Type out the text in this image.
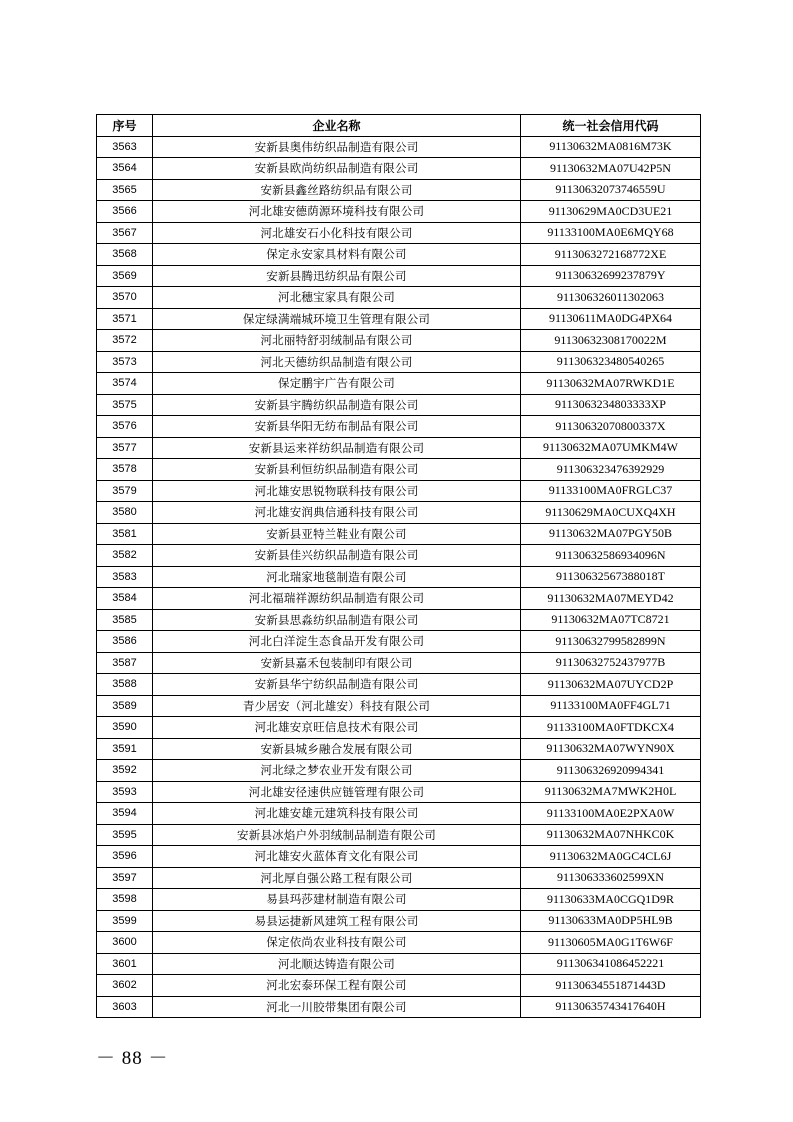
序号	企业名称	统一社会信用代码
3563	安新县奥伟纺织品制造有限公司	91130632MA0816M73K
3564	安新县欧尚纺织品制造有限公司	91130632MA07U42P5N
3565	安新县鑫丝路纺织品有限公司	91130632073746559U
3566	河北雄安德荫源环境科技有限公司	91130629MA0CD3UE21
3567	河北雄安石小化科技有限公司	91133100MA0E6MQY68
3568	保定永安家具材料有限公司	9113063272168772XE
3569	安新县腾迅纺织品有限公司	91130632699237879Y
3570	河北穗宝家具有限公司	911306326011302063
3571	保定绿满端城环境卫生管理有限公司	91130611MA0DG4PX64
3572	河北丽特舒羽绒制品有限公司	91130632308170022M
3573	河北天德纺织品制造有限公司	911306323480540265
3574	保定鹏宇广告有限公司	91130632MA07RWKD1E
3575	安新县宇腾纺织品制造有限公司	9113063234803333XP
3576	安新县华阳无纺布制品有限公司	91130632070800337X
3577	安新县运来祥纺织品制造有限公司	91130632MA07UMKM4W
3578	安新县利恒纺织品制造有限公司	911306323476392929
3579	河北雄安思锐物联科技有限公司	91133100MA0FRGLC37
3580	河北雄安润典信通科技有限公司	91130629MA0CUXQ4XH
3581	安新县亚特兰鞋业有限公司	91130632MA07PGY50B
3582	安新县佳兴纺织品制造有限公司	91130632586934096N
3583	河北瑞家地毯制造有限公司	91130632567388018T
3584	河北福瑞祥源纺织品制造有限公司	91130632MA07MEYD42
3585	安新县思淼纺织品制造有限公司	91130632MA07TC8721
3586	河北白洋淀生态食品开发有限公司	91130632799582899N
3587	安新县嘉禾包装制印有限公司	91130632752437977B
3588	安新县华宁纺织品制造有限公司	91130632MA07UYCD2P
3589	青少居安（河北雄安）科技有限公司	91133100MA0FF4GL71
3590	河北雄安京旺信息技术有限公司	91133100MA0FTDKCX4
3591	安新县城乡融合发展有限公司	91130632MA07WYN90X
3592	河北绿之梦农业开发有限公司	911306326920994341
3593	河北雄安径速供应链管理有限公司	91130632MA7MWK2H0L
3594	河北雄安雄元建筑科技有限公司	91133100MA0E2PXA0W
3595	安新县冰焰户外羽绒制品制造有限公司	91130632MA07NHKC0K
3596	河北雄安火蓝体育文化有限公司	91130632MA0GC4CL6J
3597	河北厚自强公路工程有限公司	911306333602599XN
3598	易县玛莎建材制造有限公司	91130633MA0CGQ1D9R
3599	易县运捷新风建筑工程有限公司	91130633MA0DP5HL9B
3600	保定依尚农业科技有限公司	91130605MA0G1T6W6F
3601	河北顺达铸造有限公司	911306341086452221
3602	河北宏泰环保工程有限公司	91130634551871443D
3603	河北一川胶带集团有限公司	91130635743417640H
－ 88 －
